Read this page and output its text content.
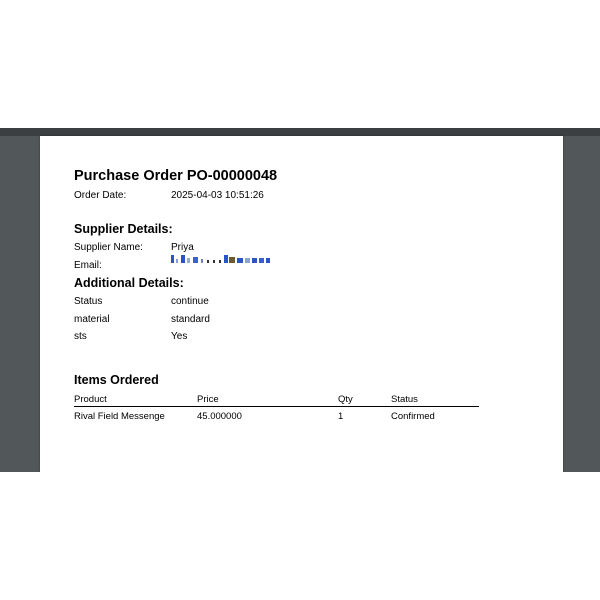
Purchase Order PO-00000048
Order Date:	2025-04-03 10:51:26
Supplier Details:
Supplier Name:	Priya
Email:
Additional Details:
Status	continue
material	standard
sts	Yes
Items Ordered
Product	Price	Qty	Status
Rival Field Messenge	45.000000	1	Confirmed
